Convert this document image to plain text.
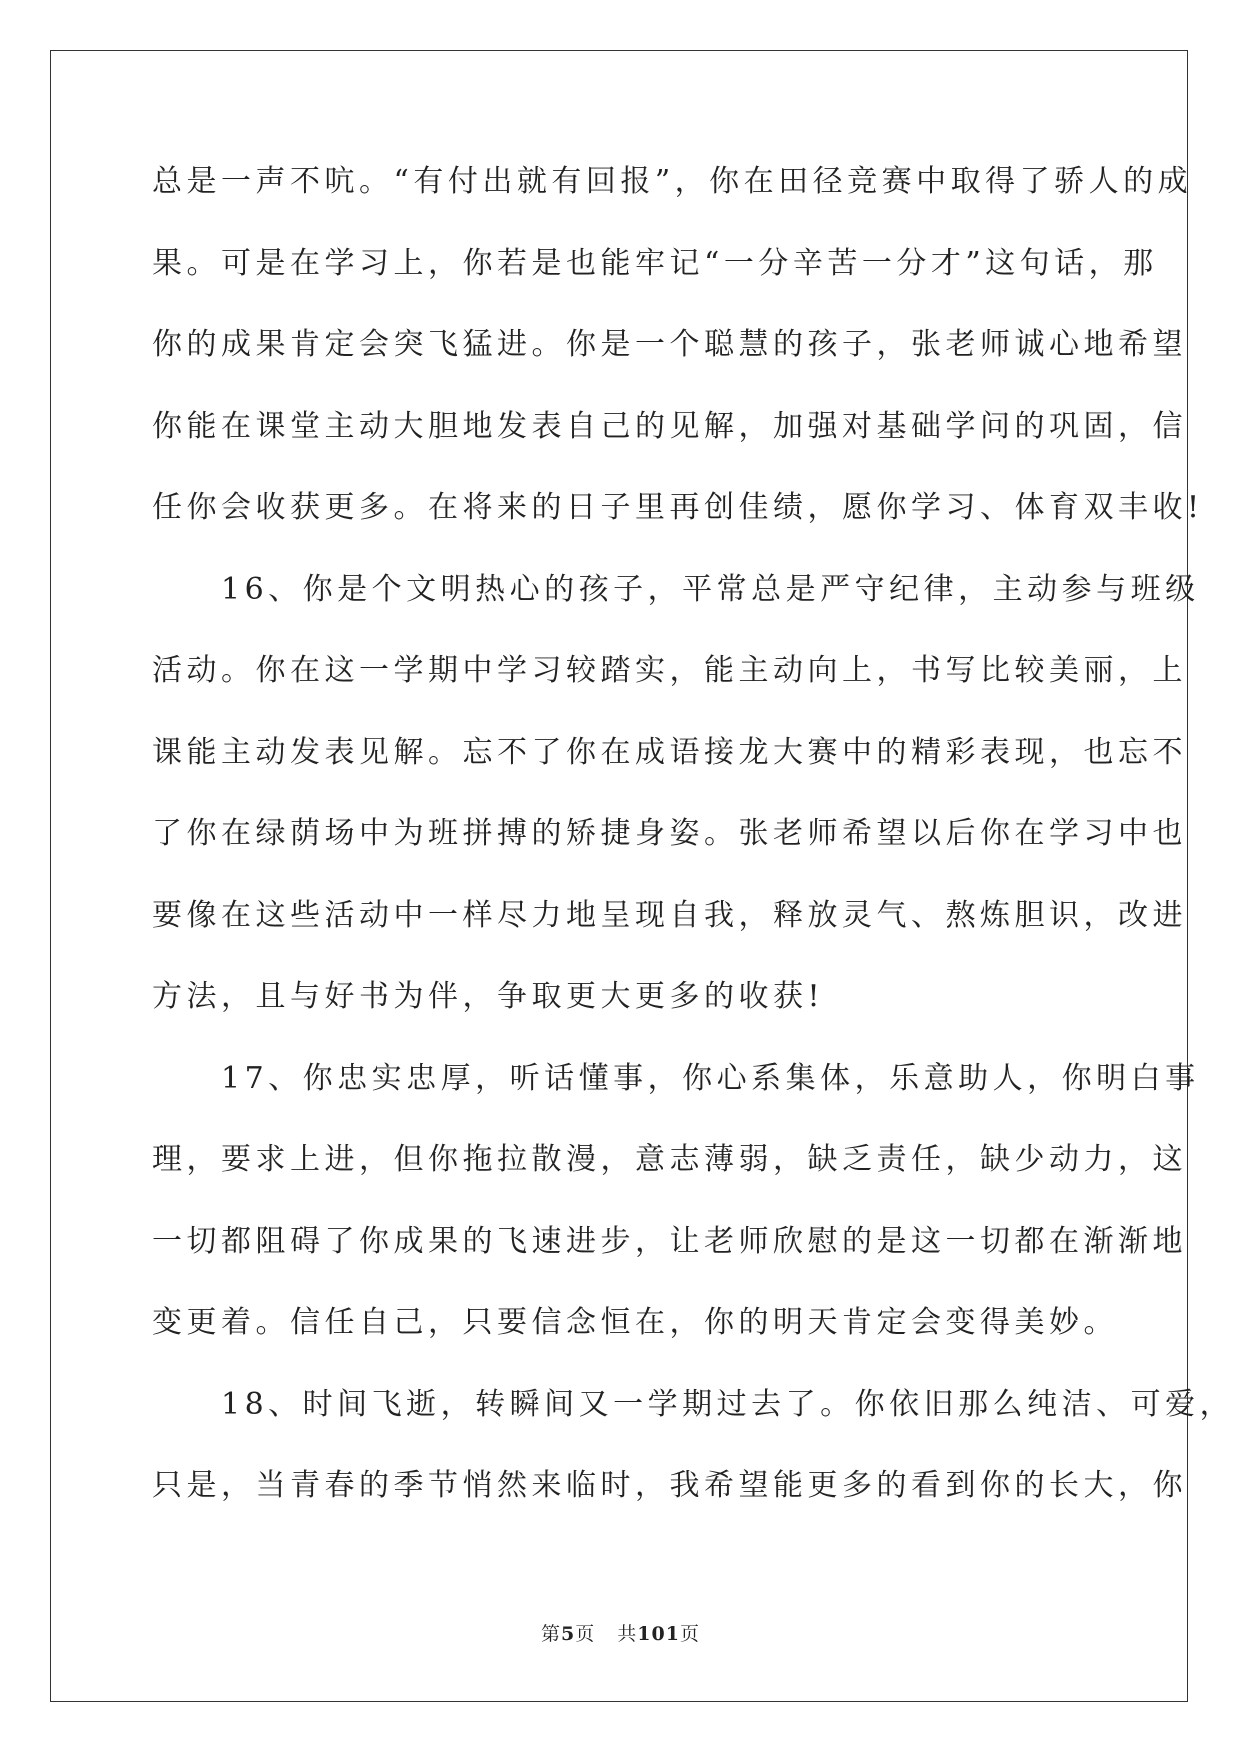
总是一声不吭。“有付出就有回报”，你在田径竞赛中取得了骄人的成
果。可是在学习上，你若是也能牢记“一分辛苦一分才”这句话，那
你的成果肯定会突飞猛进。你是一个聪慧的孩子，张老师诚心地希望
你能在课堂主动大胆地发表自己的见解，加强对基础学问的巩固，信
任你会收获更多。在将来的日子里再创佳绩，愿你学习、体育双丰收!
　　16、你是个文明热心的孩子，平常总是严守纪律，主动参与班级
活动。你在这一学期中学习较踏实，能主动向上，书写比较美丽，上
课能主动发表见解。忘不了你在成语接龙大赛中的精彩表现，也忘不
了你在绿荫场中为班拼搏的矫捷身姿。张老师希望以后你在学习中也
要像在这些活动中一样尽力地呈现自我，释放灵气、熬炼胆识，改进
方法，且与好书为伴，争取更大更多的收获!
　　17、你忠实忠厚，听话懂事，你心系集体，乐意助人，你明白事
理，要求上进，但你拖拉散漫，意志薄弱，缺乏责任，缺少动力，这
一切都阻碍了你成果的飞速进步，让老师欣慰的是这一切都在渐渐地
变更着。信任自己，只要信念恒在，你的明天肯定会变得美妙。
　　18、时间飞逝，转瞬间又一学期过去了。你依旧那么纯洁、可爱，
只是，当青春的季节悄然来临时，我希望能更多的看到你的长大，你
第5页 共101页
